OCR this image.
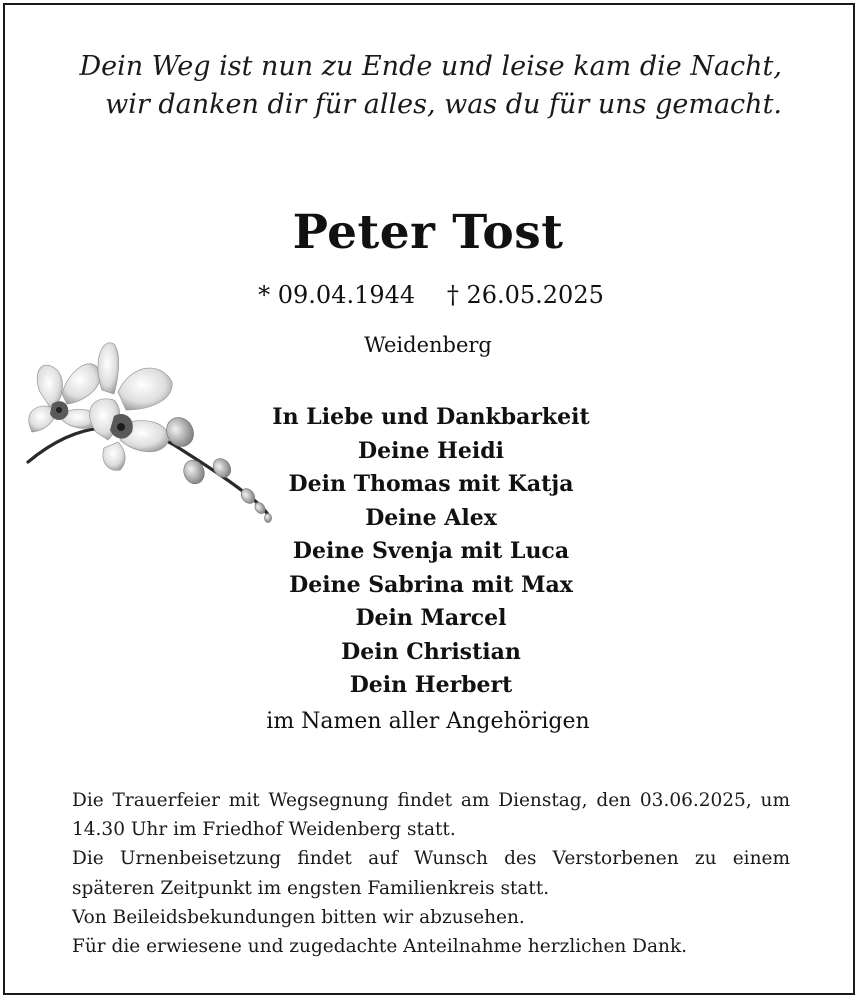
Dein Weg ist nun zu Ende und leise kam die Nacht,
wir danken dir für alles, was du für uns gemacht.
Peter Tost
* 09.04.1944 † 26.05.2025
Weidenberg
In Liebe und Dankbarkeit
Deine Heidi
Dein Thomas mit Katja
Deine Alex
Deine Svenja mit Luca
Deine Sabrina mit Max
Dein Marcel
Dein Christian
Dein Herbert
im Namen aller Angehörigen
Die Trauerfeier mit Wegsegnung findet am Dienstag, den 03.06.2025, um 14.30 Uhr im Friedhof Weidenberg statt.
Die Urnenbeisetzung findet auf Wunsch des Verstorbenen zu einem späteren Zeitpunkt im engsten Familienkreis statt.
Von Beileidsbekundungen bitten wir abzusehen.
Für die erwiesene und zugedachte Anteilnahme herzlichen Dank.
